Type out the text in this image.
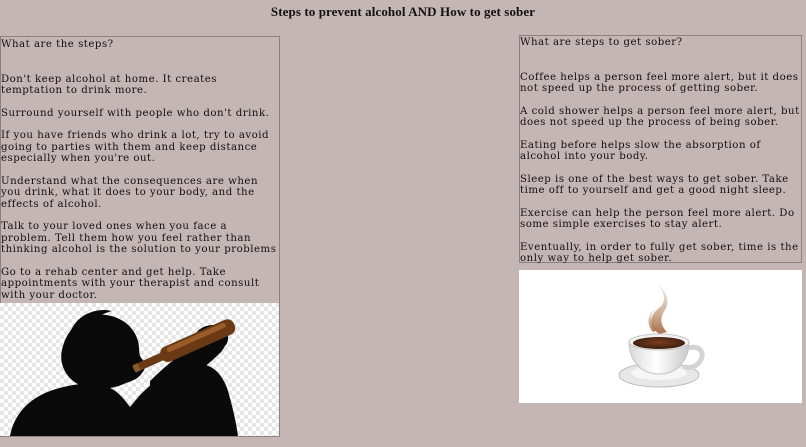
Steps to prevent alcohol AND How to get sober
What are the steps?
Don't keep alcohol at home. It creates temptation to drink more.
Surround yourself with people who don't drink.
If you have friends who drink a lot, try to avoid going to parties with them and keep distance especially when you're out.
Understand what the consequences are when you drink, what it does to your body, and the effects of alcohol.
Talk to your loved ones when you face a problem. Tell them how you feel rather than thinking alcohol is the solution to your problems
Go to a rehab center and get help. Take appointments with your therapist and consult with your doctor.
What are steps to get sober?
Coffee helps a person feel more alert, but it does not speed up the process of getting sober.
A cold shower helps a person feel more alert, but does not speed up the process of being sober.
Eating before helps slow the absorption of alcohol into your body.
Sleep is one of the best ways to get sober. Take time off to yourself and get a good night sleep.
Exercise can help the person feel more alert. Do some simple exercises to stay alert.
Eventually, in order to fully get sober, time is the only way to help get sober.
